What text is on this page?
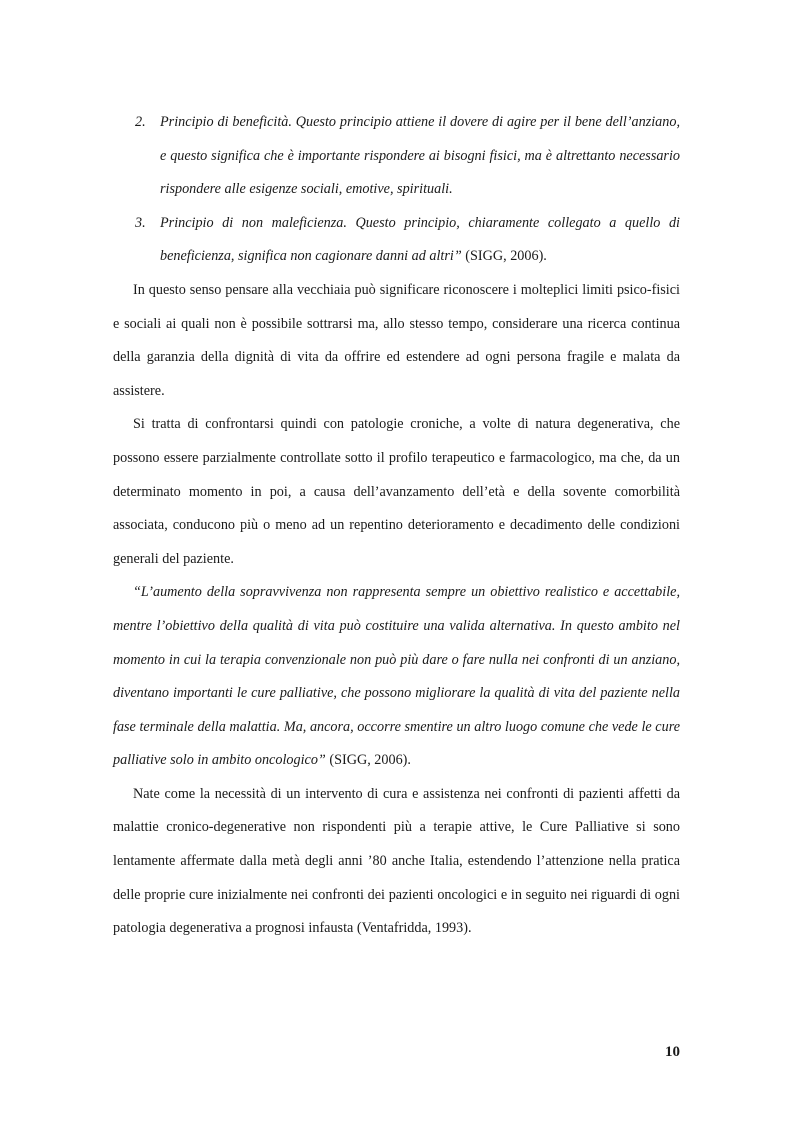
2. Principio di beneficità. Questo principio attiene il dovere di agire per il bene dell’anziano, e questo significa che è importante rispondere ai bisogni fisici, ma è altrettanto necessario rispondere alle esigenze sociali, emotive, spirituali.

3. Principio di non maleficienza. Questo principio, chiaramente collegato a quello di beneficienza, significa non cagionare danni ad altri” (SIGG, 2006).

In questo senso pensare alla vecchiaia può significare riconoscere i molteplici limiti psico-fisici e sociali ai quali non è possibile sottrarsi ma, allo stesso tempo, considerare una ricerca continua della garanzia della dignità di vita da offrire ed estendere ad ogni persona fragile e malata da assistere.

Si tratta di confrontarsi quindi con patologie croniche, a volte di natura degenerativa, che possono essere parzialmente controllate sotto il profilo terapeutico e farmacologico, ma che, da un determinato momento in poi, a causa dell’avanzamento dell’età e della sovente comorbilità associata, conducono più o meno ad un repentino deterioramento e decadimento delle condizioni generali del paziente.

“L’aumento della sopravvivenza non rappresenta sempre un obiettivo realistico e accettabile, mentre l’obiettivo della qualità di vita può costituire una valida alternativa. In questo ambito nel momento in cui la terapia convenzionale non può più dare o fare nulla nei confronti di un anziano, diventano importanti le cure palliative, che possono migliorare la qualità di vita del paziente nella fase terminale della malattia. Ma, ancora, occorre smentire un altro luogo comune che vede le cure palliative solo in ambito oncologico” (SIGG, 2006).

Nate come la necessità di un intervento di cura e assistenza nei confronti di pazienti affetti da malattie cronico-degenerative non rispondenti più a terapie attive, le Cure Palliative si sono lentamente affermate dalla metà degli anni ’80 anche Italia, estendendo l’attenzione nella pratica delle proprie cure inizialmente nei confronti dei pazienti oncologici e in seguito nei riguardi di ogni patologia degenerativa a prognosi infausta (Ventafridda, 1993).

10
